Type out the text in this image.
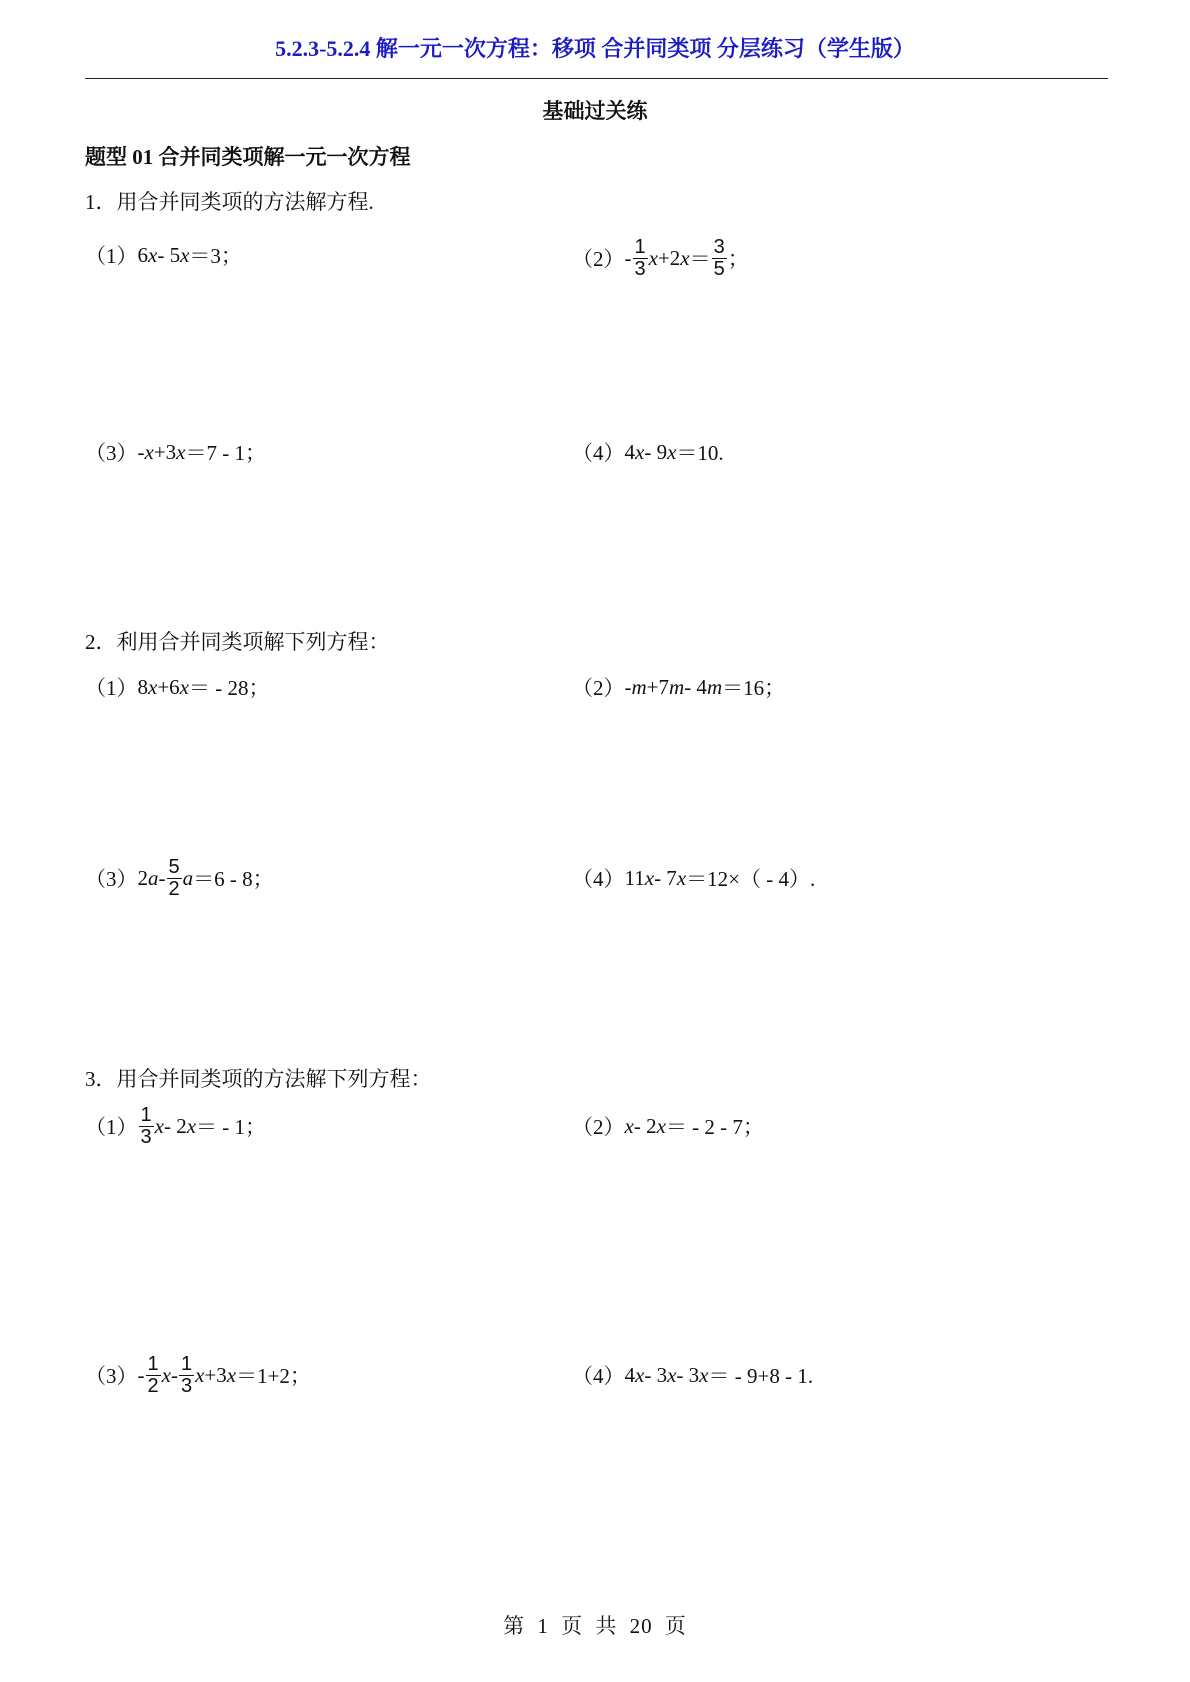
5.2.3-5.2.4 解一元一次方程：移项 合并同类项 分层练习（学生版）
基础过关练
题型 01 合并同类项解一元一次方程
1．用合并同类项的方法解方程.
（1） 6 x - 5 x ＝3；	$(2) - \frac{1}{3}$ x +2 $x = \frac{3}{5}$ ；
（3） - x +3 x ＝7 - 1；	（4） 4 x - 9 x ＝10.
2．利用合并同类项解下列方程：
（1） 8 x +6 x ＝ - 28；	（2） - m +7 m - 4 m ＝16；
（3） 2 a - $\frac{5}{2}$ a ＝6 - 8；	（4） 11 x - 7 x ＝12×（ - 4）.
3．用合并同类项的方法解下列方程：
$(1) \frac{1}{3}$ x - 2 x ＝ - 1；	（2） x - 2 x ＝ - 2 - 7；
$(3) - \frac{1}{2}$ x - $\frac{1}{3}$ x +3 x ＝1+2；	（4） 4 x - 3 x - 3 x ＝ - 9+8 - 1.
第 1 页 共 20 页
